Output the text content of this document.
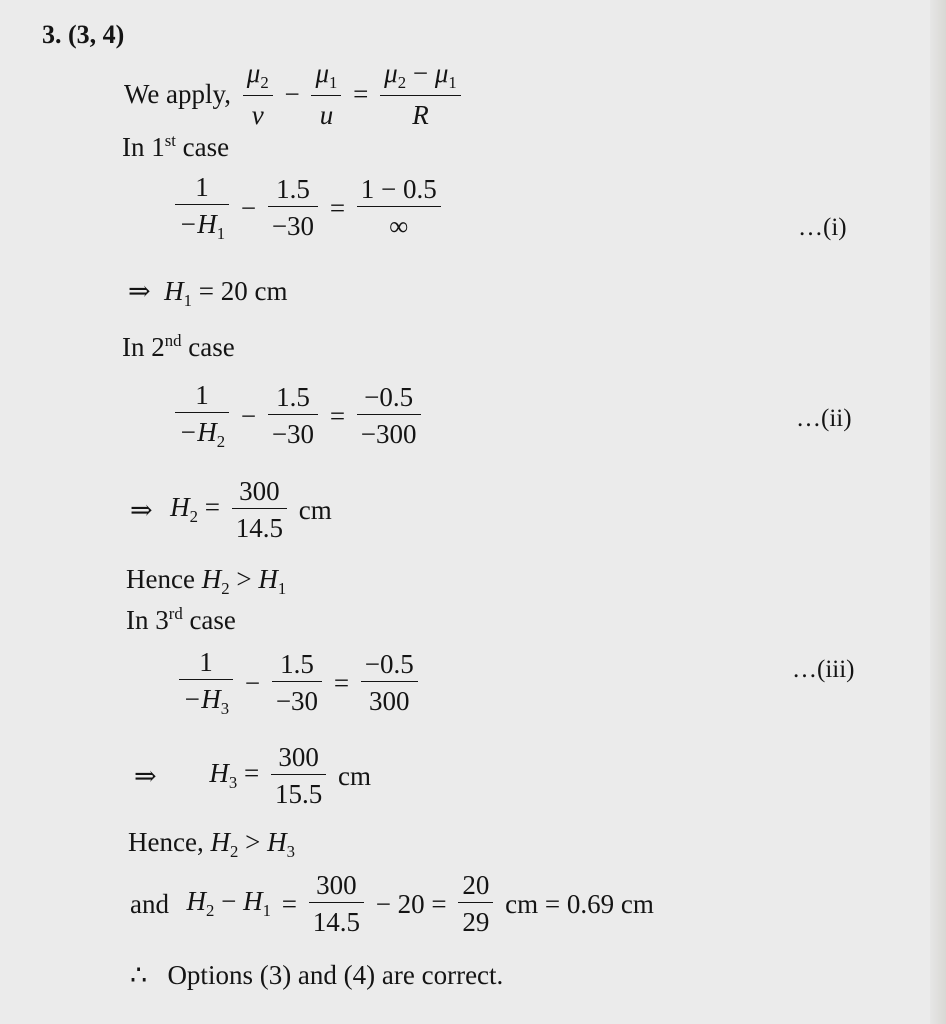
3. (3, 4)
We apply, $\frac{\mu_2}{v} - \frac{\mu_1}{u} = \frac{\mu_2 - \mu_1}{R}$
In 1st case
$\frac{1}{-H_1} - \frac{1.5}{-30} = \frac{1 - 0.5}{\infty}$	…(i)
⇒ $H_1 = 20$ cm
In 2nd case
$\frac{1}{-H_2} - \frac{1.5}{-30} = \frac{-0.5}{-300}$	…(ii)
⇒ $H_2 = \frac{300}{14.5}$ cm
Hence $H_2 > H_1$
In 3rd case
$\frac{1}{-H_3} - \frac{1.5}{-30} = \frac{-0.5}{300}$	…(iii)
⇒ $H_3 = \frac{300}{15.5}$ cm
Hence, $H_2 > H_3$
and $H_2 - H_1 = \frac{300}{14.5} - 20 = \frac{20}{29}$ cm = 0.69 cm
∴ Options (3) and (4) are correct.
